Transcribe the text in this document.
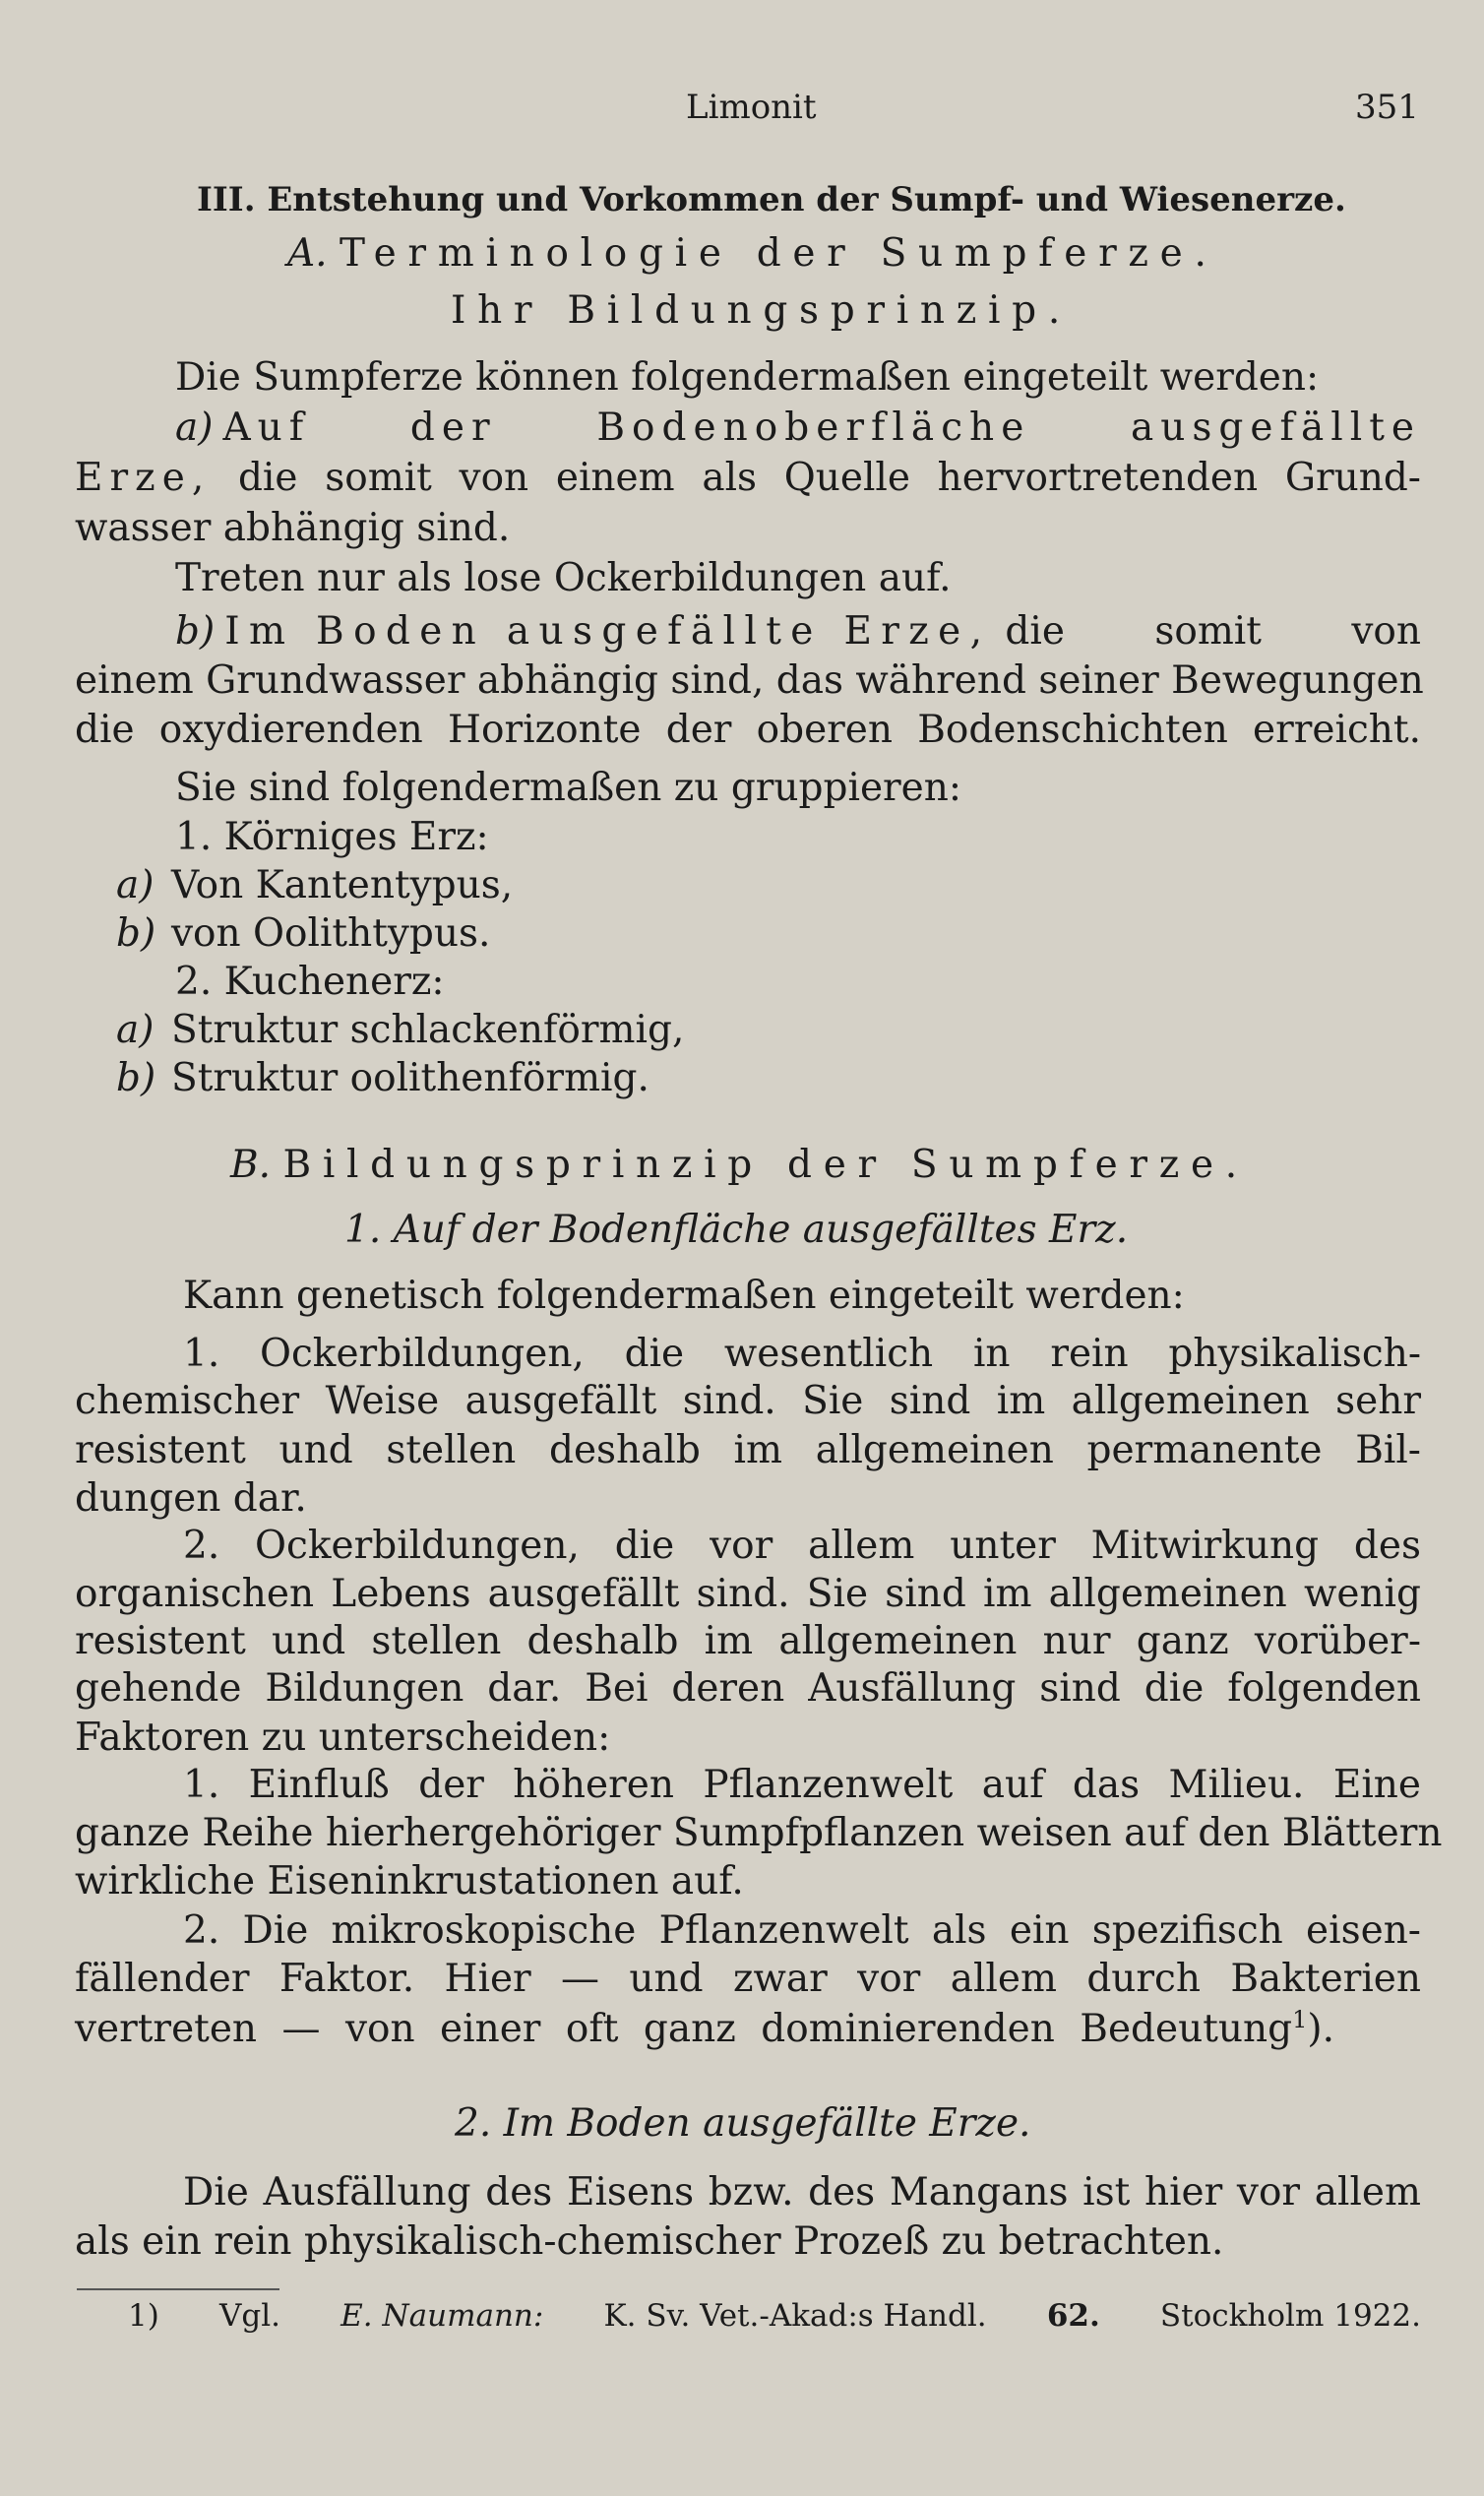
Limonit	351
III. Entstehung und Vorkommen der Sumpf- und Wiesenerze.
A. Terminologie der Sumpferze.
Ihr Bildungsprinzip.
Die Sumpferze können folgendermaßen eingeteilt werden:
a) Auf der Bodenoberfläche ausgefällte
Erze, die somit von einem als Quelle hervortretenden Grund-
wasser abhängig sind.
Treten nur als lose Ockerbildungen auf.
b) Im Boden ausgefällte Erze, die somit von
einem Grundwasser abhängig sind, das während seiner Bewegungen
die oxydierenden Horizonte der oberen Bodenschichten erreicht.
Sie sind folgendermaßen zu gruppieren:
1. Körniges Erz:
a) Von Kantentypus,
b) von Oolithtypus.
2. Kuchenerz:
a) Struktur schlackenförmig,
b) Struktur oolithenförmig.
B. Bildungsprinzip der Sumpferze.
1. Auf der Bodenfläche ausgefälltes Erz.
Kann genetisch folgendermaßen eingeteilt werden:
1. Ockerbildungen, die wesentlich in rein physikalisch-
chemischer Weise ausgefällt sind. Sie sind im allgemeinen sehr
resistent und stellen deshalb im allgemeinen permanente Bil-
dungen dar.
2. Ockerbildungen, die vor allem unter Mitwirkung des
organischen Lebens ausgefällt sind. Sie sind im allgemeinen wenig
resistent und stellen deshalb im allgemeinen nur ganz vorüber-
gehende Bildungen dar. Bei deren Ausfällung sind die folgenden
Faktoren zu unterscheiden:
1. Einfluß der höheren Pflanzenwelt auf das Milieu. Eine
ganze Reihe hierhergehöriger Sumpfpflanzen weisen auf den Blättern
wirkliche Eiseninkrustationen auf.
2. Die mikroskopische Pflanzenwelt als ein spezifisch eisen-
fällender Faktor. Hier — und zwar vor allem durch Bakterien
vertreten — von einer oft ganz dominierenden Bedeutung$^1$).
2. Im Boden ausgefällte Erze.
Die Ausfällung des Eisens bzw. des Mangans ist hier vor allem
als ein rein physikalisch-chemischer Prozeß zu betrachten.
1) Vgl. E. Naumann: K. Sv. Vet.-Akad:s Handl. 62. Stockholm 1922.
